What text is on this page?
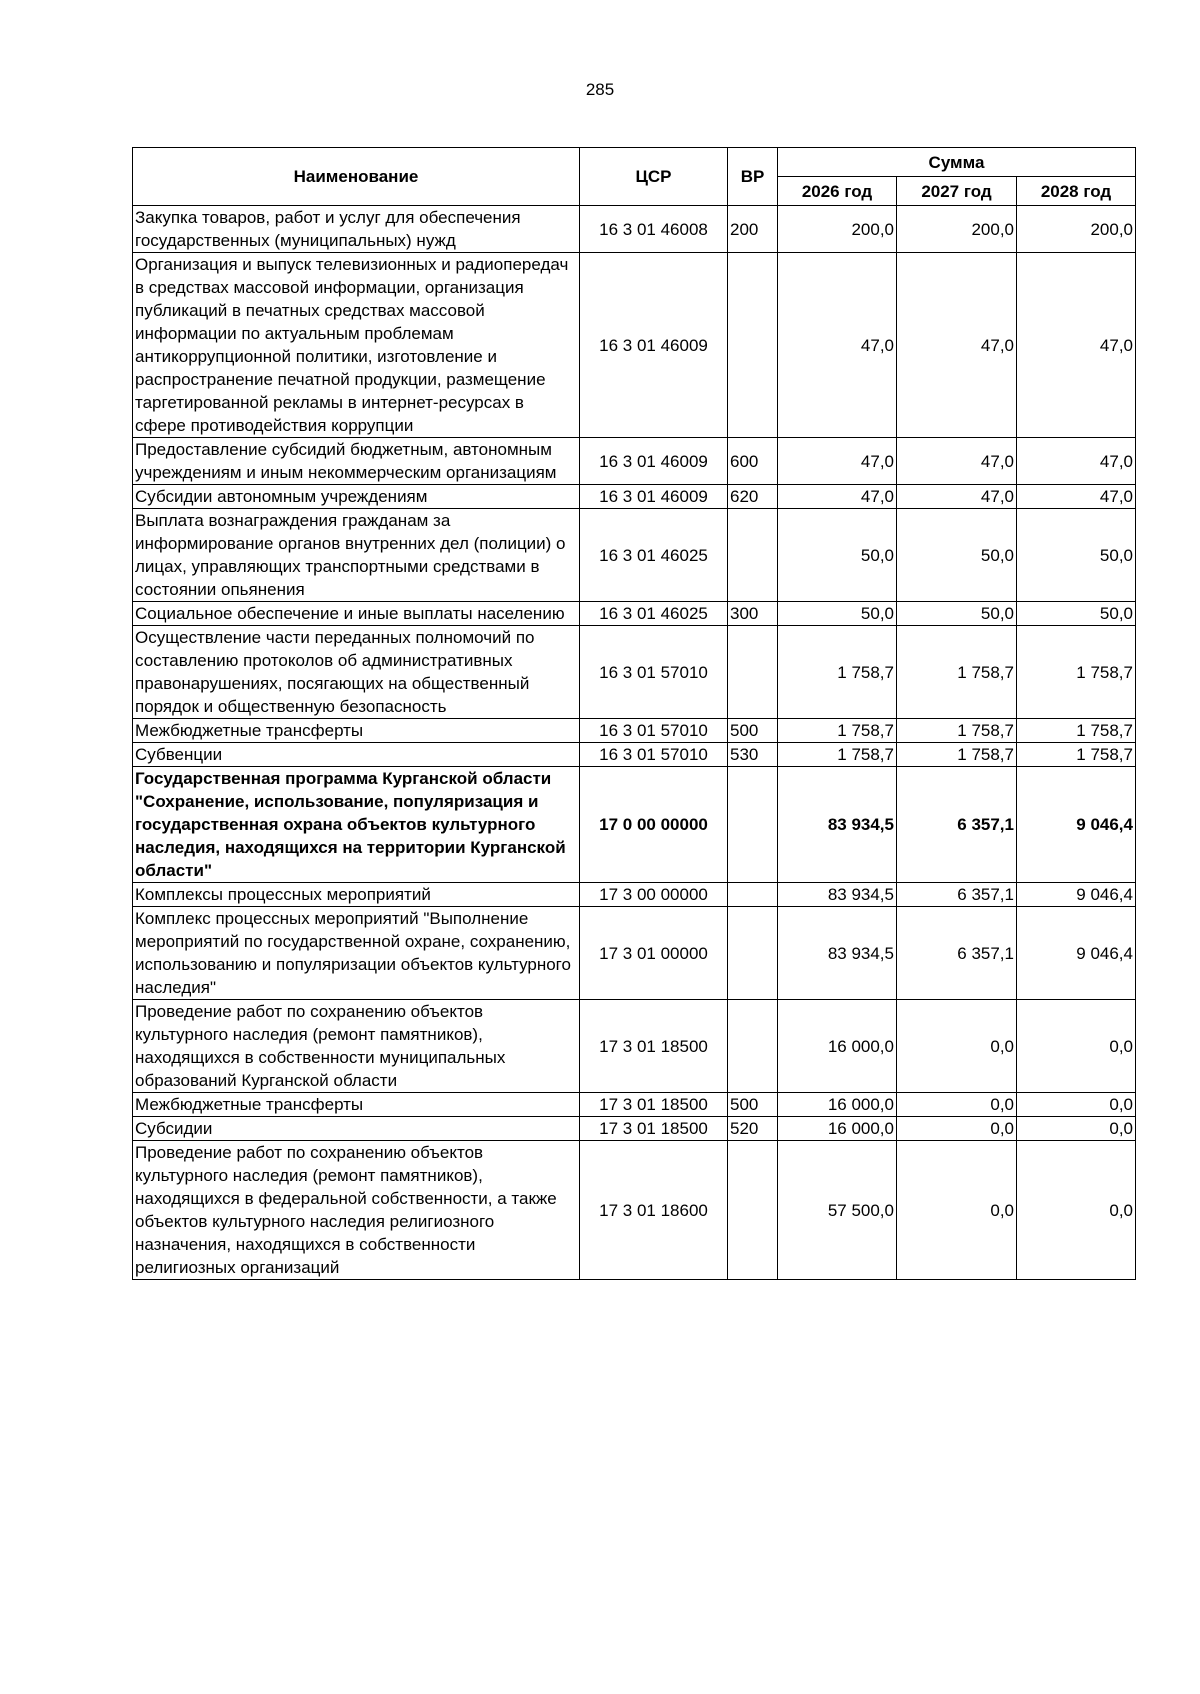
285
Наименование	ЦСР	ВР	Сумма		
			2026 год	2027 год	2028 год
Закупка товаров, работ и услуг для обеспечения государственных (муниципальных) нужд	16 3 01 46008	200	200,0	200,0	200,0
Организация и выпуск телевизионных и радиопередач в средствах массовой информации, организация публикаций в печатных средствах массовой информации по актуальным проблемам антикоррупционной политики, изготовление и распространение печатной продукции, размещение таргетированной рекламы в интернет-ресурсах в сфере противодействия коррупции	16 3 01 46009		47,0	47,0	47,0
Предоставление субсидий бюджетным, автономным учреждениям и иным некоммерческим организациям	16 3 01 46009	600	47,0	47,0	47,0
Субсидии автономным учреждениям	16 3 01 46009	620	47,0	47,0	47,0
Выплата вознаграждения гражданам за информирование органов внутренних дел (полиции) о лицах, управляющих транспортными средствами в состоянии опьянения	16 3 01 46025		50,0	50,0	50,0
Социальное обеспечение и иные выплаты населению	16 3 01 46025	300	50,0	50,0	50,0
Осуществление части переданных полномочий по составлению протоколов об административных правонарушениях, посягающих на общественный порядок и общественную безопасность	16 3 01 57010		1 758,7	1 758,7	1 758,7
Межбюджетные трансферты	16 3 01 57010	500	1 758,7	1 758,7	1 758,7
Субвенции	16 3 01 57010	530	1 758,7	1 758,7	1 758,7
Государственная программа Курганской области "Сохранение, использование, популяризация и государственная охрана объектов культурного наследия, находящихся на территории Курганской области"	17 0 00 00000		83 934,5	6 357,1	9 046,4
Комплексы процессных мероприятий	17 3 00 00000		83 934,5	6 357,1	9 046,4
Комплекс процессных мероприятий "Выполнение мероприятий по государственной охране, сохранению, использованию и популяризации объектов культурного наследия"	17 3 01 00000		83 934,5	6 357,1	9 046,4
Проведение работ по сохранению объектов культурного наследия (ремонт памятников), находящихся в собственности муниципальных образований Курганской области	17 3 01 18500		16 000,0	0,0	0,0
Межбюджетные трансферты	17 3 01 18500	500	16 000,0	0,0	0,0
Субсидии	17 3 01 18500	520	16 000,0	0,0	0,0
Проведение работ по сохранению объектов культурного наследия (ремонт памятников), находящихся в федеральной собственности, а также объектов культурного наследия религиозного назначения, находящихся в собственности религиозных организаций	17 3 01 18600		57 500,0	0,0	0,0
